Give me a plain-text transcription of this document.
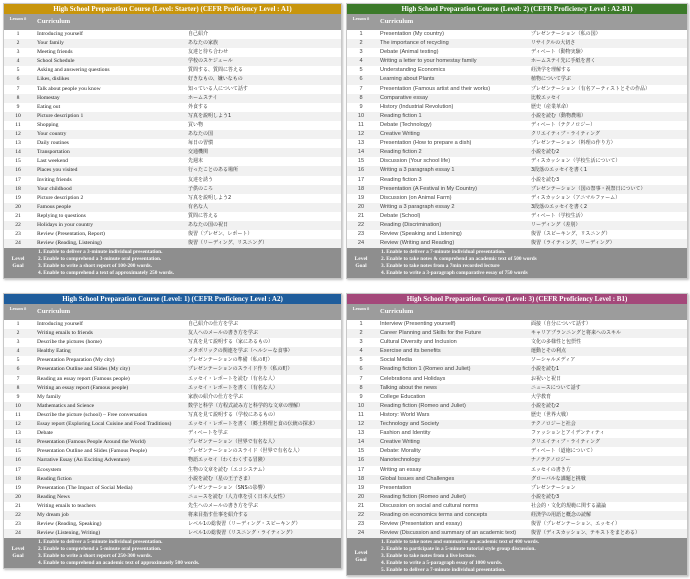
High School Preparation Course (Level: Starter) (CEFR Proficiency Level : A1)
Lesson #	Curriculum
1	Introducing yourself	自己紹介
2	Your family	あなたの家族
3	Meeting friends	友達と待ち合わせ
4	School Schedule	学校のスケジュール
5	Asking and answering questions	質問する、質問に答える
6	Likes, dislikes	好きなもの、嫌いなもの
7	Talk about people you know	知っている人について話す
8	Homestay	ホームステイ
9	Eating out	外食する
10	Picture description 1	写真を説明しよう1
11	Shopping	買い物
12	Your country	あなたの国
13	Daily routines	毎日の習慣
14	Transportation	交通機関
15	Last weekend	先週末
16	Places you visited	行ったことのある場所
17	Inviting friends	友達を誘う
18	Your childhood	子供のころ
19	Picture description 2	写真を説明しよう2
20	Famous people	有名な人
21	Replying to questions	質問に答える
22	Holidays in your country	あなたの国の祝日
23	Review (Presentation, Report)	復習（プレゼン、レポート）
24	Review (Reading, Listening)	復習（リーディング、リスニング）
Level
Goal
1. Enable to deliver a 3-minute individual presentation.
2. Enable to comprehend a 3-minute oral presentation.
3. Enable to write a short report of 100-200 words.
4. Enable to comprehend a text of approximately 250 words.
High School Preparation Course (Level: 2) (CEFR Proficiency Level : A2-B1)
Lesson #	Curriculum
1	Presentation (My country)	プレゼンテーション（私の国）
2	The importance of recycling	リサイクルの大切さ
3	Debate (Animal testing)	ディベート（動物実験）
4	Writing a letter to your homestay family	ホームステイ先に手紙を書く
5	Understanding Economics	経済学を理解する
6	Learning about Plants	植物について学ぶ
7	Presentation (Famous artist and their works)	プレゼンテーション（有名アーティストとその作品）
8	Comparative essay	比較エッセイ
9	History (Industrial Revolution)	歴史（産業革命）
10	Reading fiction 1	小説を読む（動物農場）
11	Debate (Technology)	ディベート（テクノロジー）
12	Creative Writing	クリエイティブ・ライティング
13	Presentation (How to prepare a dish)	プレゼンテーション（料理の作り方）
14	Reading fiction 2	小説を読む2
15	Discussion (Your school life)	ディスカッション（学校生活について）
16	Writing a 3 paragraph essay 1	3段落のエッセイを書く1
17	Reading fiction 3	小説を読む3
18	Presentation (A Festival in My Country)	プレゼンテーション（国の祭事・祝祭日について）
19	Discussion (on Animal Farm)	ディスカッション（アニマルファーム）
20	Writing a 3 paragraph essay 2	3段落のエッセイを書く2
21	Debate (School)	ディベート（学校生活）
22	Reading (Discrimination)	リーディング（差別）
23	Review (Speaking and Listening)	復習（スピーキング、リスニング）
24	Review (Writing and Reading)	復習（ライティング、リーディング）
Level
Goal
1. Enable to deliver a 7-minute individual presentation.
2. Enable to take notes & comprehend an academic text of 500 words
3. Enable to take notes from a 7min recorded lecture
4. Enable to write a 3-paragraph comparative essay of 750 words
High School Preparation Course (Level: 1) (CEFR Proficiency Level : A2)
Lesson #	Curriculum
1	Introducing yourself	自己紹介の仕方を学ぶ
2	Writing emails to friends	友人へのメールの書き方を学ぶ
3	Describe the pictures (home)	写真を見て説明する（家にあるもの）
4	Healthy Eating	メタボリックの関連を学ぶ（ヘルシーな食事）
5	Presentation Preparation (My city)	プレゼンテーションの準備（私の町）
6	Presentation Outline and Slides (My city)	プレゼンテーションのスライド作り（私の町）
7	Reading an essay report (Famous people)	エッセイ・レポートを読む（有名な人）
8	Writing an essay report (Famous people)	エッセイ・レポートを書く（有名な人）
9	My family	家族の紹介の仕方を学ぶ
10	Mathematics and Science	数学と科学（方程式読み方と科学的な文章の理解）
11	Describe the picture (school) – Free conversation	写真を見て説明する（学校にあるもの）
12	Essay report (Exploring Local Cuisine and Food Traditions)	エッセイ・レポートを書く（郷土料理と食の伝統の探求）
13	Debate	ディベートを学ぶ
14	Presentation (Famous People Around the World)	プレゼンテーション（世界で有名な人）
15	Presentation Outline and Slides (Famous People)	プレゼンテーションのスライド（世界で有名な人）
16	Narrative Essay (An Exciting Adventure)	物語エッセイ（わくわくする冒険）
17	Ecosystem	生物の文章を読む（エコシステム）
18	Reading fiction	小説を読む（星の王子さま）
19	Presentation (The Impact of Social Media)	プレゼンテーション（SNSの影響）
20	Reading News	ニュースを読む（人力車を引く日本人女性）
21	Writing emails to teachers	先生へのメールの書き方を学ぶ
22	My dream job	将来目指す仕事を紹介する
23	Review (Reading, Speaking)	レベル1の総復習（リーディング・スピーキング）
24	Review (Listening, Writing)	レベル1の総復習（リスニング・ライティング）
Level
Goal
1. Enable to deliver a 5-minute individual presentation.
2. Enable to comprehend a 5-minute oral presentation.
3. Enable to write a short report of 250-300 words.
4. Enable to comprehend an academic text of approximately 500 words.
High School Preparation Course (Level: 3) (CEFR Proficiency Level : B1)
Lesson #	Curriculum
1	Interview (Presenting yourself)	面接（自分について話す）
2	Career Planning and Skills for the Future	キャリアプランニングと将来へのスキル
3	Cultural Diversity and Inclusion	文化の多様性と包摂性
4	Exercise and its benefits	運動とその利点
5	Social Media	ソーシャルメディア
6	Reading fiction 1 (Romeo and Juliet)	小説を読む1
7	Celebrations and Holidays	お祝いと祝日
8	Talking about the news	ニュースについて話す
9	College Education	大学教育
10	Reading fiction (Romeo and Juliet)	小説を読む2
11	History: World Wars	歴史（世界大戦）
12	Technology and Society	テクノロジーと社会
13	Fashion and Identity	ファッションとアイデンティティ
14	Creative Writing	クリエイティブ・ライティング
15	Debate: Morality	ディベート（道徳について）
16	Nanotechnology	ナノテクノロジー
17	Writing an essay	エッセイの書き方
18	Global Issues and Challenges	グローバルな課題と挑戦
19	Presentation	プレゼンテーション
20	Reading fiction (Romeo and Juliet)	小説を読む3
21	Discussion on social and cultural norms	社会的・文化的規範に関する議論
22	Reading on economics terms and concepts	経済学の用語と概念の読解
23	Review (Presentation and essay)	復習（プレゼンテーション、エッセイ）
24	Review (Discussion and summary of an academic text)	復習（ディスカッション、テキストをまとめる）
Level
Goal
1. Enable to take notes and summarize an academic text of 400 words.
2. Enable to participate in a 5-minute tutorial style group discussion.
3. Enable to take notes from a live lecture.
4. Enable to write a 5-paragraph essay of 1000 words.
5. Enable to deliver a 7-minute individual presentation.
